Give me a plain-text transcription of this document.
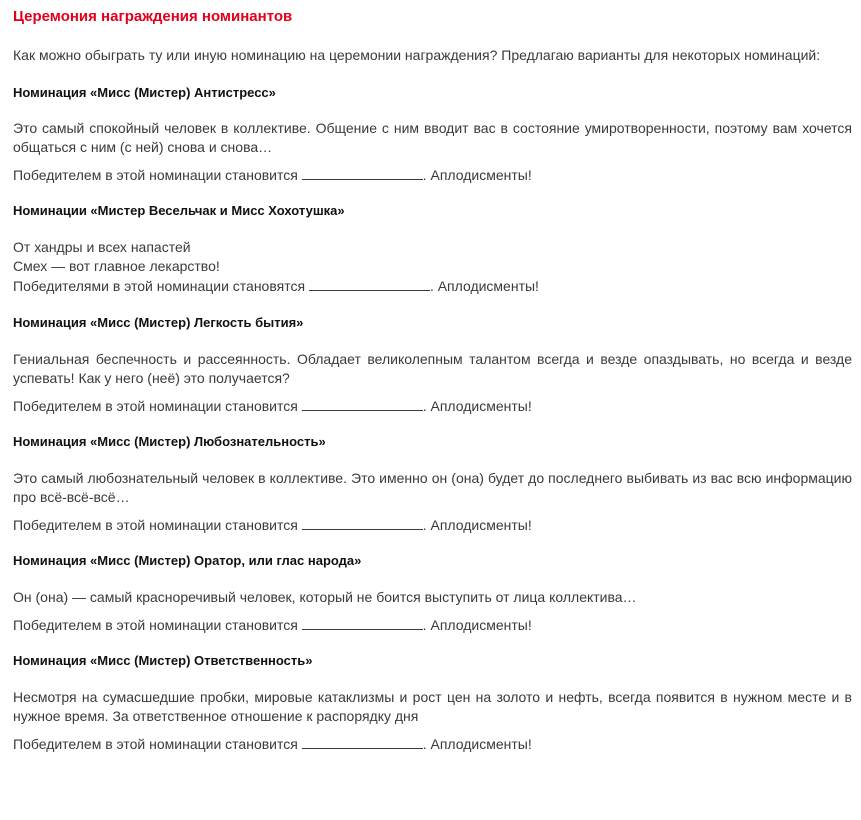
Церемония награждения номинантов

Как можно обыграть ту или иную номинацию на церемонии награждения? Предлагаю варианты для некоторых номинаций:

Номинация «Мисс (Мистер) Антистресс»

Это самый спокойный человек в коллективе. Общение с ним вводит вас в состояние умиротворенности, поэтому вам хочется общаться с ним (с ней) снова и снова…

Победителем в этой номинации становится	. Аплодисменты!

Номинации «Мистер Весельчак и Мисс Хохотушка»

От хандры и всех напастей
Смех — вот главное лекарство!
Победителями в этой номинации становятся	. Аплодисменты!

Номинация «Мисс (Мистер) Легкость бытия»

Гениальная беспечность и рассеянность. Обладает великолепным талантом всегда и везде опаздывать, но всегда и везде успевать! Как у него (неё) это получается?

Победителем в этой номинации становится	. Аплодисменты!

Номинация «Мисс (Мистер) Любознательность»

Это самый любознательный человек в коллективе. Это именно он (она) будет до последнего выбивать из вас всю информацию про всё-всё-всё…

Победителем в этой номинации становится	. Аплодисменты!

Номинация «Мисс (Мистер) Оратор, или глас народа»

Он (она) — самый красноречивый человек, который не боится выступить от лица коллектива…

Победителем в этой номинации становится	. Аплодисменты!

Номинация «Мисс (Мистер) Ответственность»

Несмотря на сумасшедшие пробки, мировые катаклизмы и рост цен на золото и нефть, всегда появится в нужном месте и в нужное время. За ответственное отношение к распорядку дня

Победителем в этой номинации становится	. Аплодисменты!
